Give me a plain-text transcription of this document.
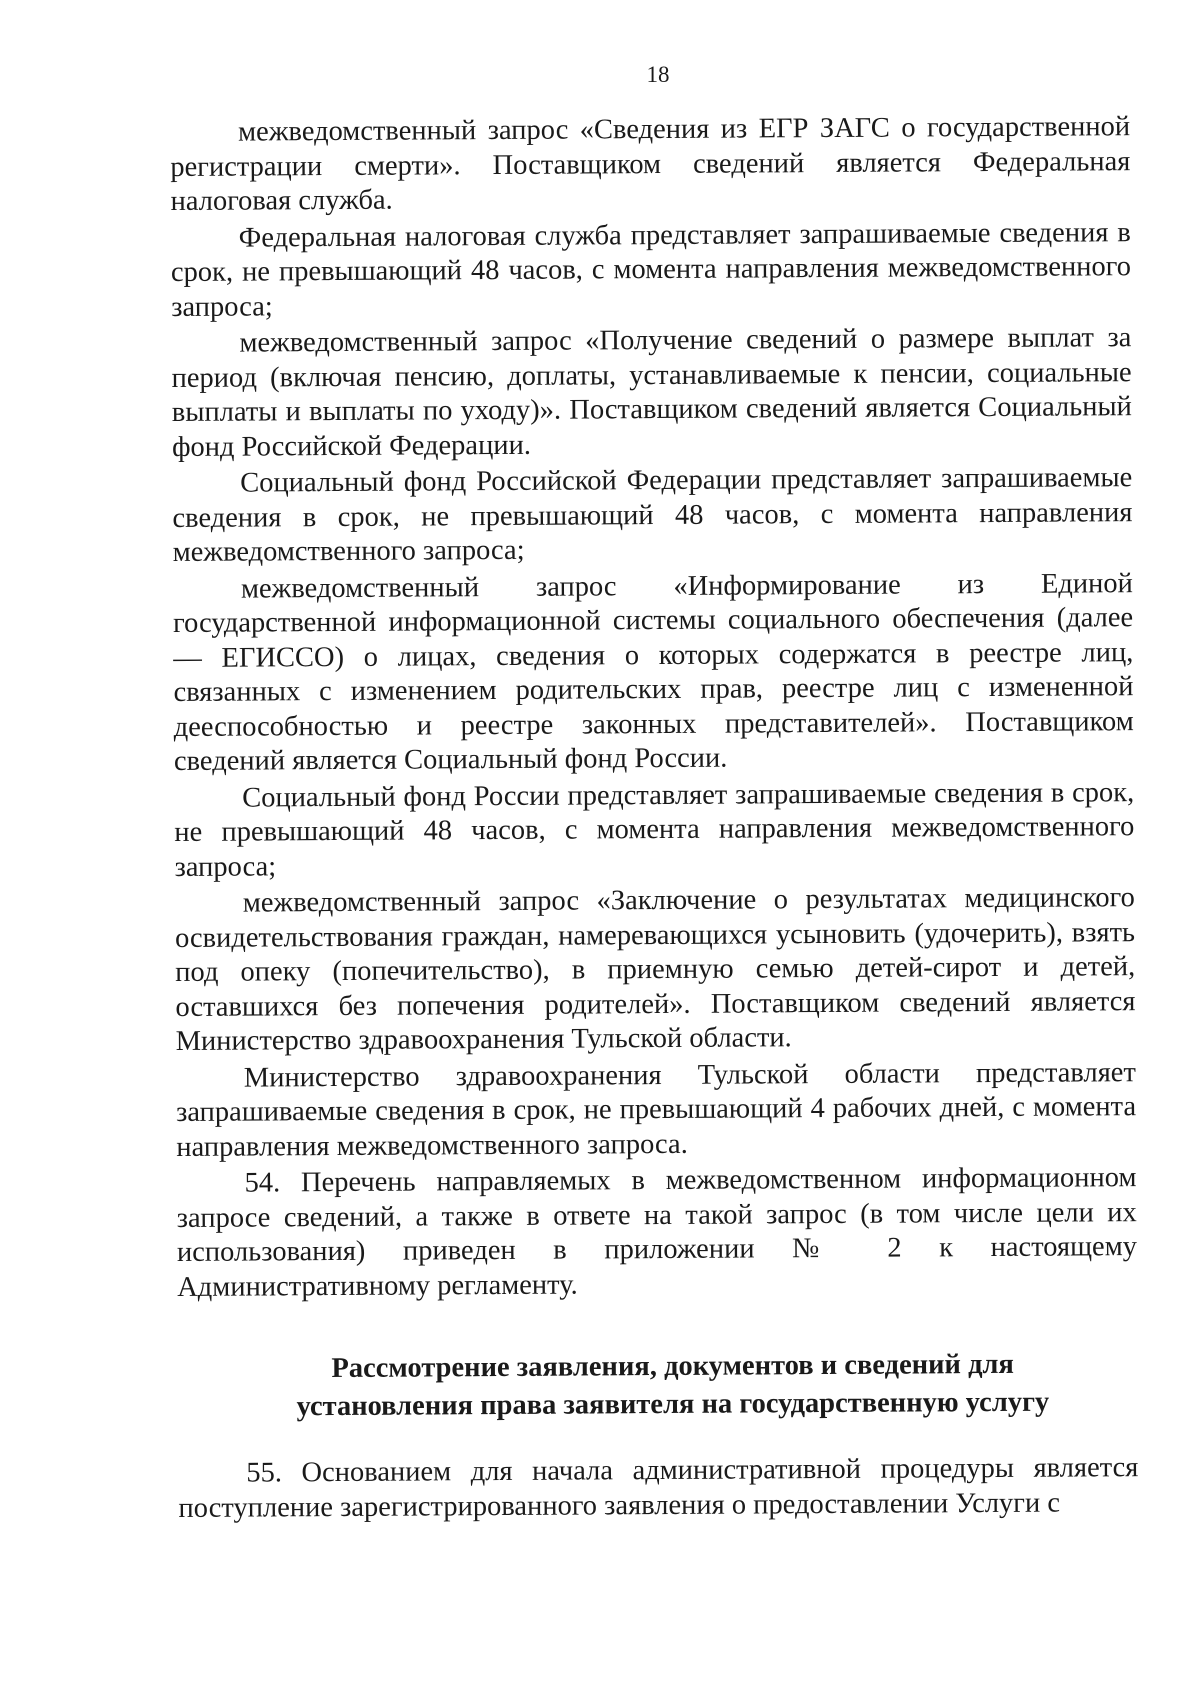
18

межведомственный запрос «Сведения из ЕГР ЗАГС о государственной регистрации смерти». Поставщиком сведений является Федеральная налоговая служба.

Федеральная налоговая служба представляет запрашиваемые сведения в срок, не превышающий 48 часов, с момента направления межведомственного запроса;

межведомственный запрос «Получение сведений о размере выплат за период (включая пенсию, доплаты, устанавливаемые к пенсии, социальные выплаты и выплаты по уходу)». Поставщиком сведений является Социальный фонд Российской Федерации.

Социальный фонд Российской Федерации представляет запрашиваемые сведения в срок, не превышающий 48 часов, с момента направления межведомственного запроса;

межведомственный запрос «Информирование из Единой государственной информационной системы социального обеспечения (далее — ЕГИССО) о лицах, сведения о которых содержатся в реестре лиц, связанных с изменением родительских прав, реестре лиц с измененной дееспособностью и реестре законных представителей». Поставщиком сведений является Социальный фонд России.

Социальный фонд России представляет запрашиваемые сведения в срок, не превышающий 48 часов, с момента направления межведомственного запроса;

межведомственный запрос «Заключение о результатах медицинского освидетельствования граждан, намеревающихся усыновить (удочерить), взять под опеку (попечительство), в приемную семью детей-сирот и детей, оставшихся без попечения родителей». Поставщиком сведений является Министерство здравоохранения Тульской области.

Министерство здравоохранения Тульской области представляет запрашиваемые сведения в срок, не превышающий 4 рабочих дней, с момента направления межведомственного запроса.

54. Перечень направляемых в межведомственном информационном запросе сведений, а также в ответе на такой запрос (в том числе цели их использования) приведен в приложении № 2 к настоящему Административному регламенту.

Рассмотрение заявления, документов и сведений для
установления права заявителя на государственную услугу

55. Основанием для начала административной процедуры является поступление зарегистрированного заявления о предоставлении Услуги с
